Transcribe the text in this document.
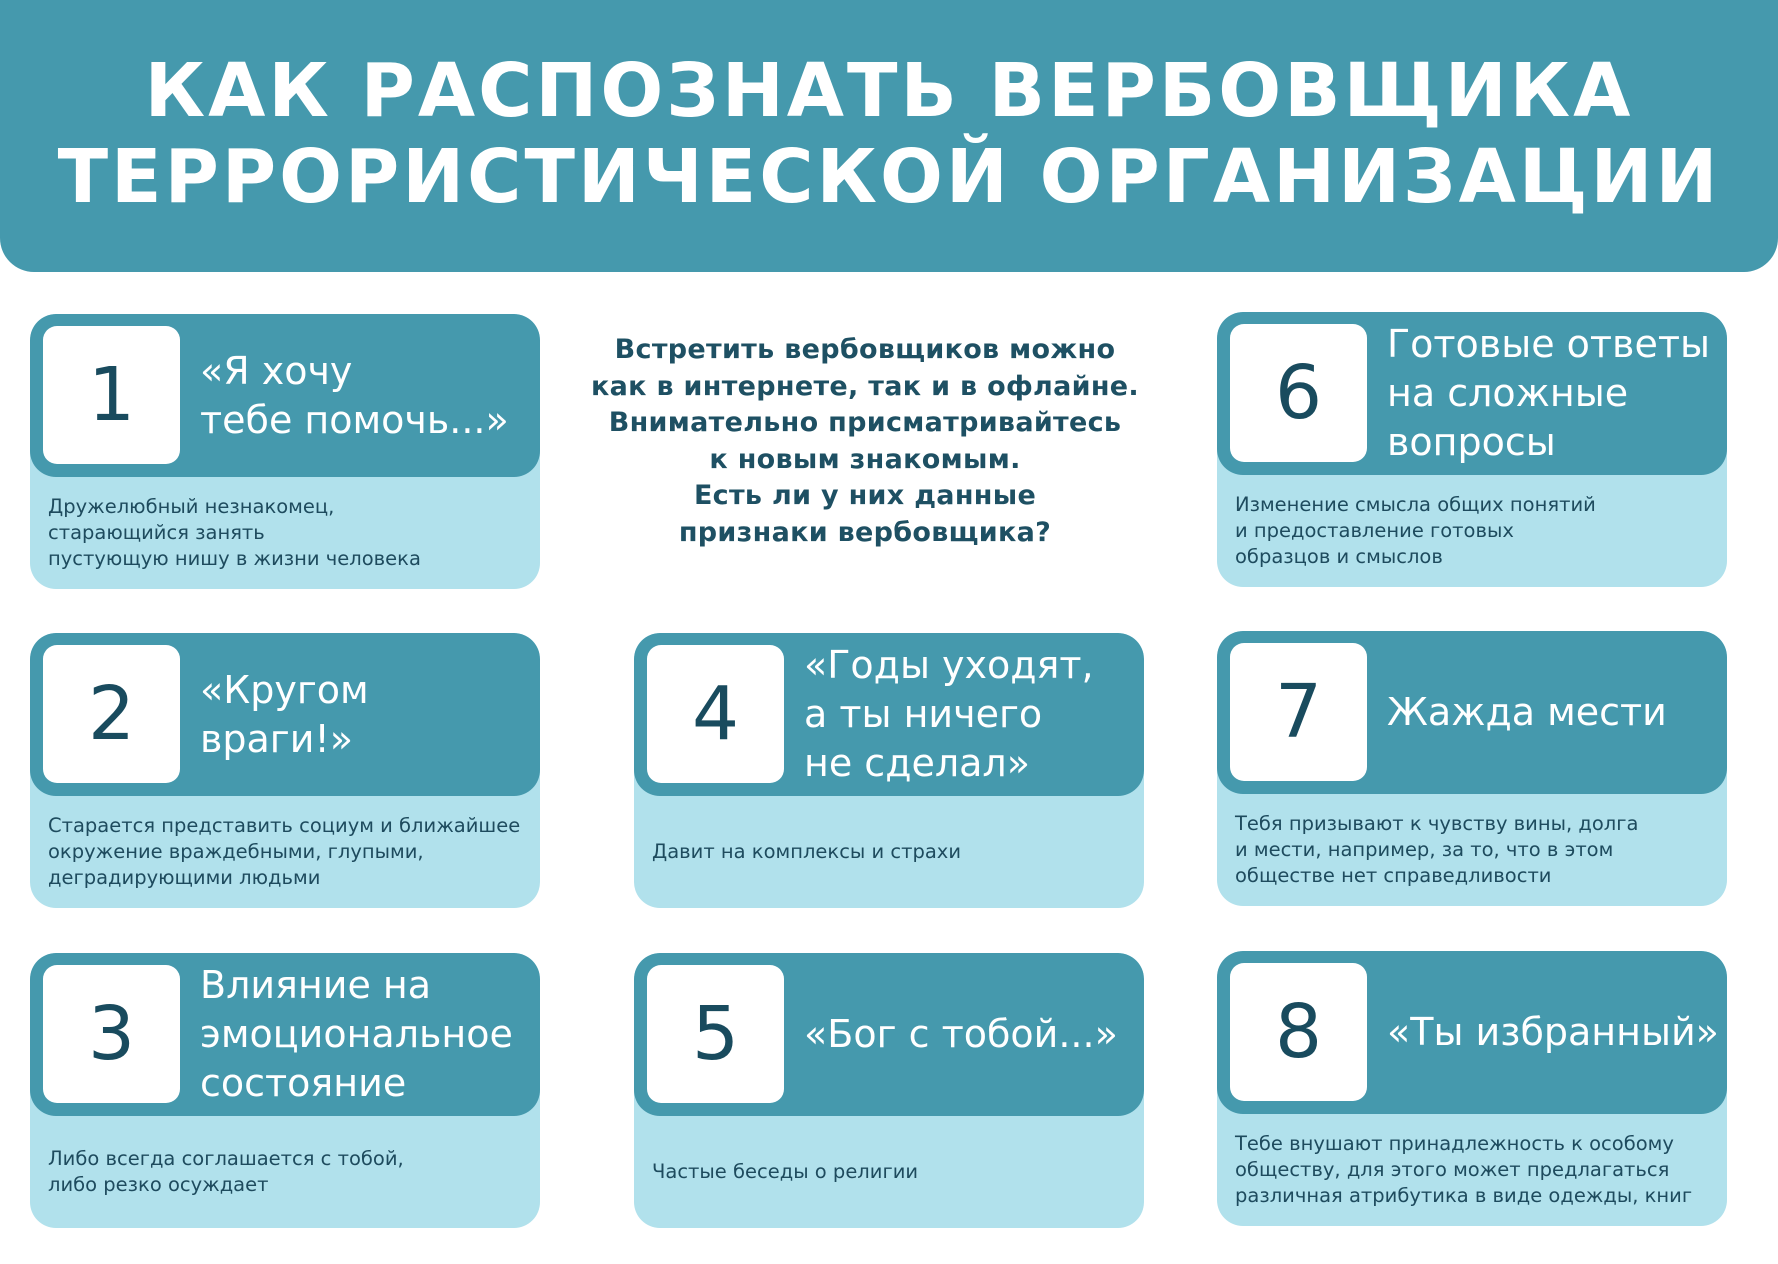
КАК РАСПОЗНАТЬ ВЕРБОВЩИКА
ТЕРРОРИСТИЧЕСКОЙ ОРГАНИЗАЦИИ
Встретить вербовщиков можно
как в интернете, так и в офлайне.
Внимательно присматривайтесь
к новым знакомым.
Есть ли у них данные
признаки вербовщика?
1	«Я хочу
тебе помочь...»
Дружелюбный незнакомец,
старающийся занять
пустующую нишу в жизни человека
2	«Кругом враги!»
Старается представить социум и ближайшее
окружение враждебными, глупыми,
деградирующими людьми
3
Влияние на
эмоциональное
состояние
Либо всегда соглашается с тобой,
либо резко осуждает
4
«Годы уходят,
а ты ничего
не сделал»
Давит на комплексы и страхи
5	«Бог с тобой...»
Частые беседы о религии
6
Готовые ответы
на сложные
вопросы
Изменение смысла общих понятий
и предоставление готовых
образцов и смыслов
7	Жажда мести
Тебя призывают к чувству вины, долга
и мести, например, за то, что в этом
обществе нет справедливости
8	«Ты избранный»
Тебе внушают принадлежность к особому
обществу, для этого может предлагаться
различная атрибутика в виде одежды, книг
